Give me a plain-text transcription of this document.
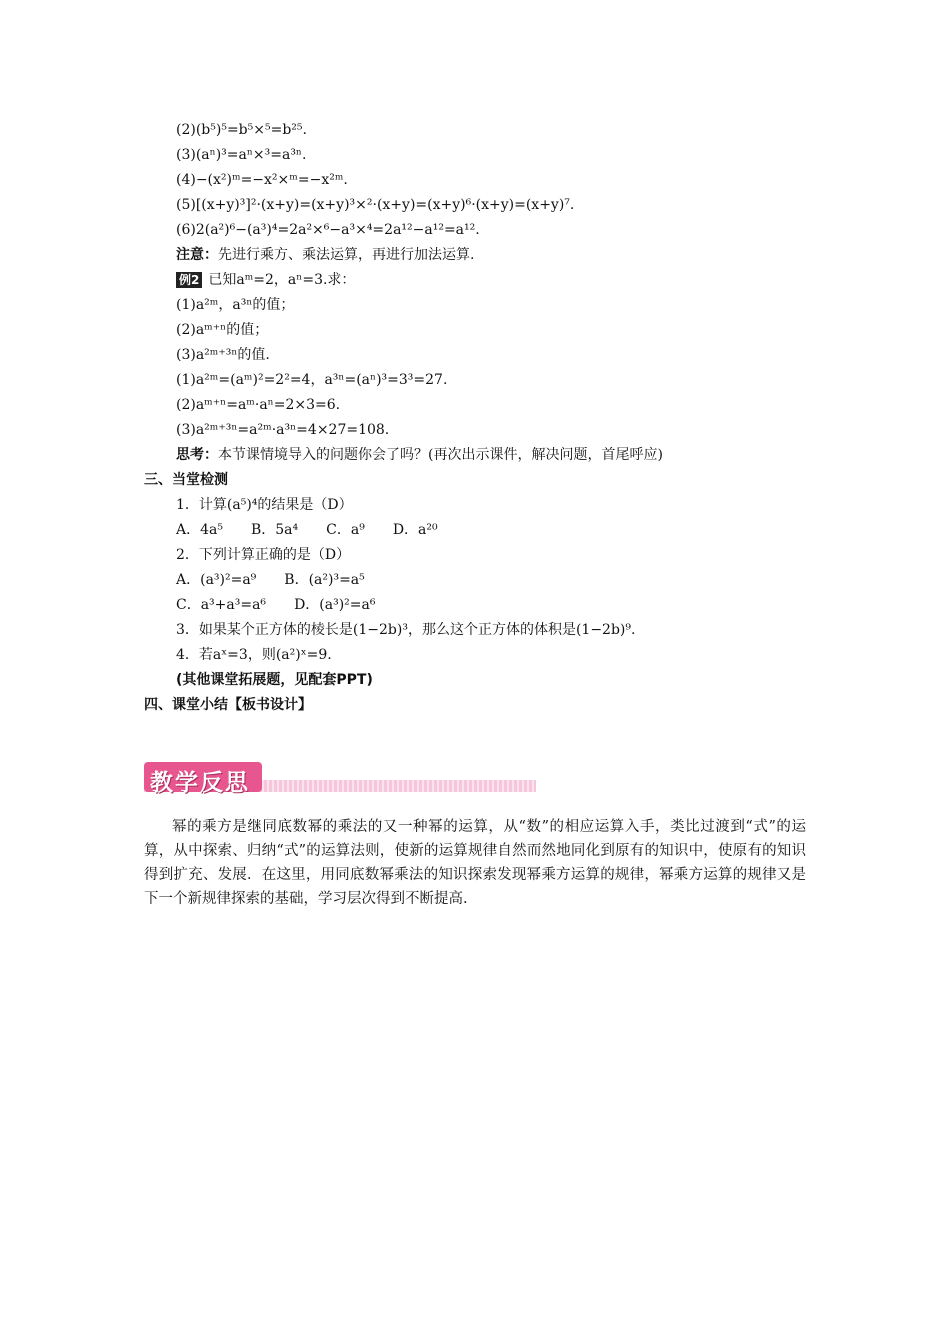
(2)(b⁵)⁵=b⁵×⁵=b²⁵.
(3)(aⁿ)³=aⁿ×³=a³ⁿ.
(4)−(x²)ᵐ=−x²×ᵐ=−x²ᵐ.
(5)[(x+y)³]²·(x+y)=(x+y)³×²·(x+y)=(x+y)⁶·(x+y)=(x+y)⁷.
(6)2(a²)⁶−(a³)⁴=2a²×⁶−a³×⁴=2a¹²−a¹²=a¹².
注意：先进行乘方、乘法运算，再进行加法运算.
例2 已知aᵐ=2，aⁿ=3.求：
(1)a²ᵐ，a³ⁿ的值；
(2)aᵐ⁺ⁿ的值；
(3)a²ᵐ⁺³ⁿ的值.
(1)a²ᵐ=(aᵐ)²=2²=4，a³ⁿ=(aⁿ)³=3³=27.
(2)aᵐ⁺ⁿ=aᵐ·aⁿ=2×3=6.
(3)a²ᵐ⁺³ⁿ=a²ᵐ·a³ⁿ=4×27=108.
思考：本节课情境导入的问题你会了吗？(再次出示课件，解决问题，首尾呼应)
三、当堂检测
1．计算(a⁵)⁴的结果是（D）
A．4a⁵ B．5a⁴ C．a⁹ D．a²⁰
2．下列计算正确的是（D）
A．(a³)²=a⁹ B．(a²)³=a⁵
C．a³+a³=a⁶ D．(a³)²=a⁶
3．如果某个正方体的棱长是(1−2b)³，那么这个正方体的体积是(1−2b)⁹.
4．若aˣ=3，则(a²)ˣ=9.
(其他课堂拓展题，见配套PPT)
四、课堂小结【板书设计】
教学反思
幂的乘方是继同底数幂的乘法的又一种幂的运算，从“数”的相应运算入手，类比过渡到“式”的运算，从中探索、归纳“式”的运算法则，使新的运算规律自然而然地同化到原有的知识中，使原有的知识得到扩充、发展．在这里，用同底数幂乘法的知识探索发现幂乘方运算的规律，幂乘方运算的规律又是下一个新规律探索的基础，学习层次得到不断提高.
